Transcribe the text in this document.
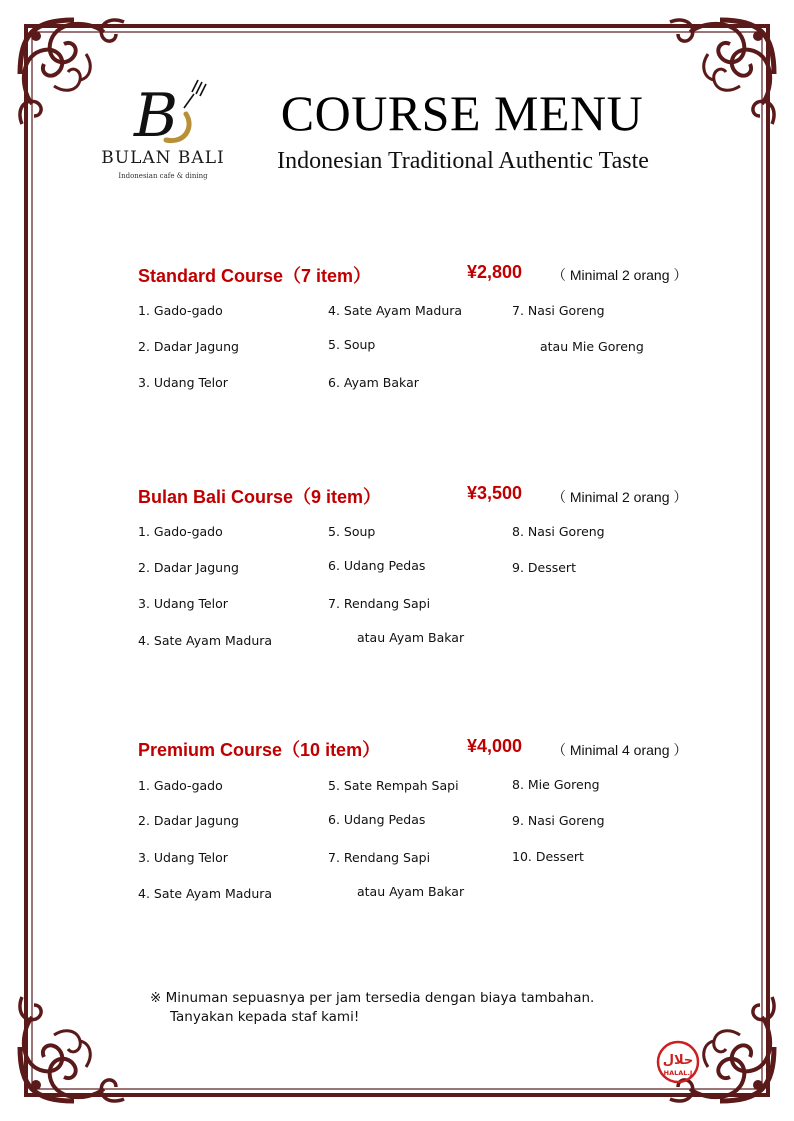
B
BULAN BALI
Indonesian cafe & dining
COURSE MENU
Indonesian Traditional Authentic Taste
Standard Course（7 item）	¥2,800 （ Minimal 2 orang ）
1. Gado-gado
2. Dadar Jagung
3. Udang Telor
4. Sate Ayam Madura
5. Soup
6. Ayam Bakar
7. Nasi Goreng
atau Mie Goreng
Bulan Bali Course（9 item）	¥3,500 （ Minimal 2 orang ）
1. Gado-gado
2. Dadar Jagung
3. Udang Telor
4. Sate Ayam Madura
5. Soup
6. Udang Pedas
7. Rendang Sapi
atau Ayam Bakar
8. Nasi Goreng
9. Dessert
Premium Course（10 item）	¥4,000 （ Minimal 4 orang ）
1. Gado-gado
2. Dadar Jagung
3. Udang Telor
4. Sate Ayam Madura
5. Sate Rempah Sapi
6. Udang Pedas
7. Rendang Sapi
atau Ayam Bakar
8. Mie Goreng
9. Nasi Goreng
10. Dessert
※ Minuman sepuasnya per jam tersedia dengan biaya tambahan.
Tanyakan kepada staf kami!
حلال
HALAL.J
